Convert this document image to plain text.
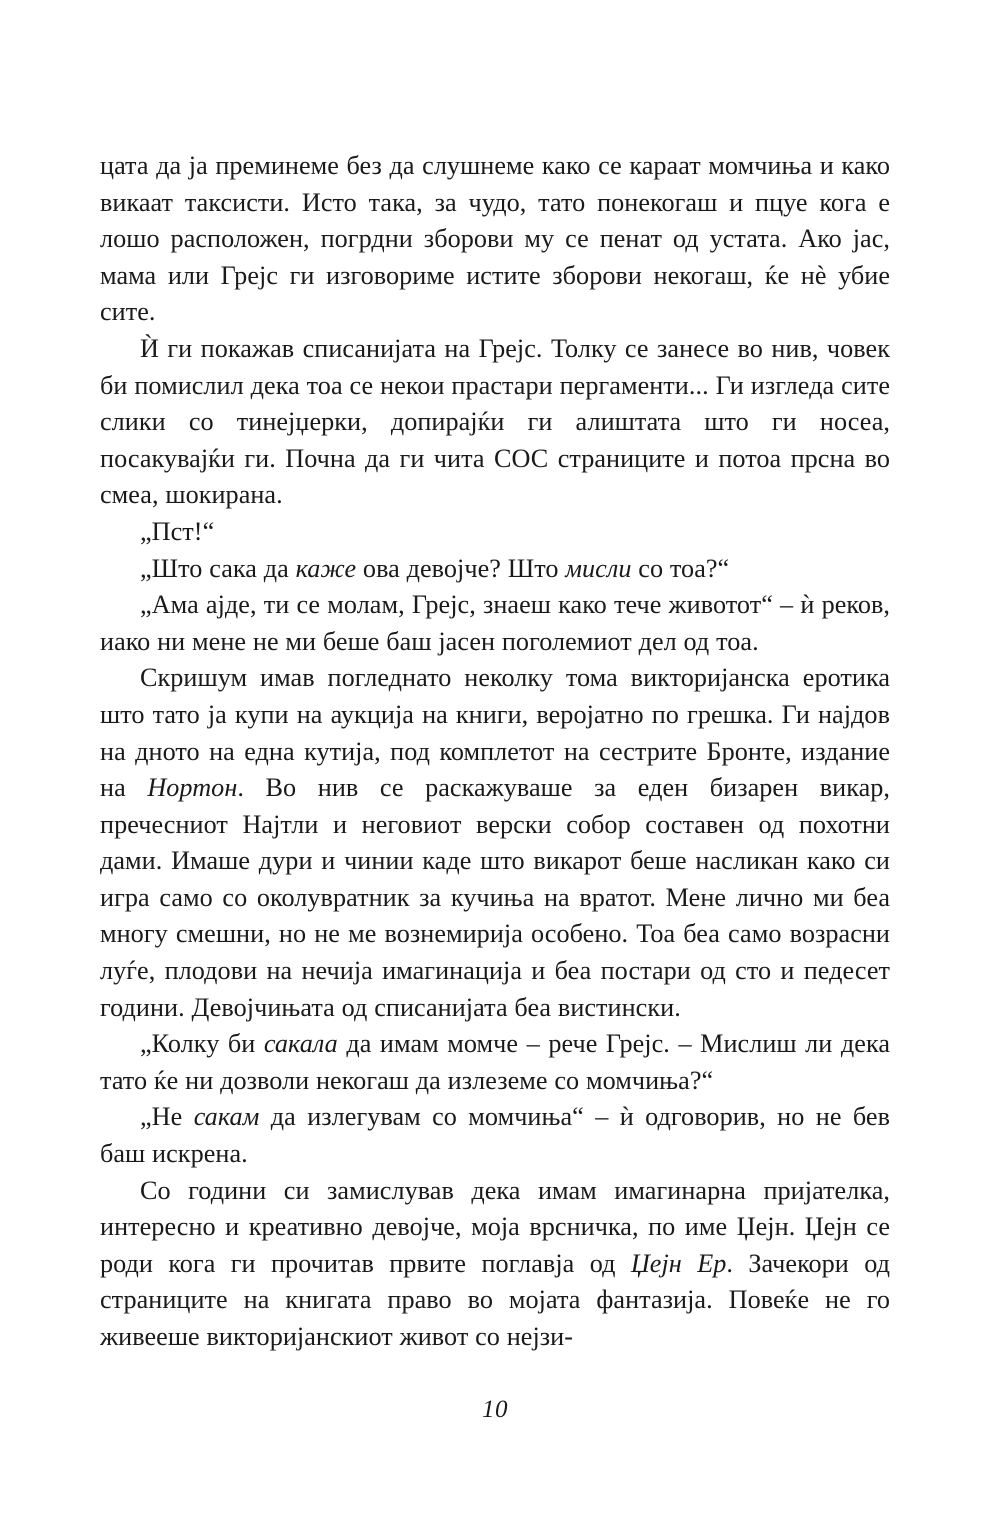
цата да ја преминеме без да слушнеме како се караат момчиња и како викаат таксисти. Исто така, за чудо, тато понекогаш и пцуе кога е лошо расположен, погрдни зборови му се пенат од устата. Ако јас, мама или Грејс ги изговориме истите зборови некогаш, ќе нè убие сите.

Ѝ ги покажав списанијата на Грејс. Толку се занесе во нив, човек би помислил дека тоа се некои прастари пергаменти... Ги изгледа сите слики со тинејџерки, допирајќи ги алиштата што ги носеа, посакувајќи ги. Почна да ги чита СОС страниците и потоа прсна во смеа, шокирана.

„Пст!“

„Што сака да каже ова девојче? Што мисли со тоа?“

„Ама ајде, ти се молам, Грејс, знаеш како тече животот“ – ѝ реков, иако ни мене не ми беше баш јасен поголемиот дел од тоа.

Скришум имав погледнато неколку тома викторијанска еротика што тато ја купи на аукција на книги, веројатно по грешка. Ги најдов на дното на една кутија, под комплетот на сестрите Бронте, издание на Нортон. Во нив се раскажуваше за еден бизарен викар, пречесниот Најтли и неговиот верски собор составен од похотни дами. Имаше дури и чинии каде што викарот беше насликан како си игра само со околувратник за кучиња на вратот. Мене лично ми беа многу смешни, но не ме вознемирија особено. Тоа беа само возрасни луѓе, плодови на нечија имагинација и беа постари од сто и педесет години. Девојчињата од списанијата беа вистински.

„Колку би сакала да имам момче – рече Грејс. – Мислиш ли дека тато ќе ни дозволи некогаш да излеземе со момчиња?“

„Не сакам да излегувам со момчиња“ – ѝ одговорив, но не бев баш искрена.

Со години си замислував дека имам имагинарна пријателка, интересно и креативно девојче, моја врсничка, по име Џејн. Џејн се роди кога ги прочитав првите поглавја од Џејн Ер. Зачекори од страниците на книгата право во мојата фантазија. Повеќе не го живееше викторијанскиот живот со нејзи-

10
